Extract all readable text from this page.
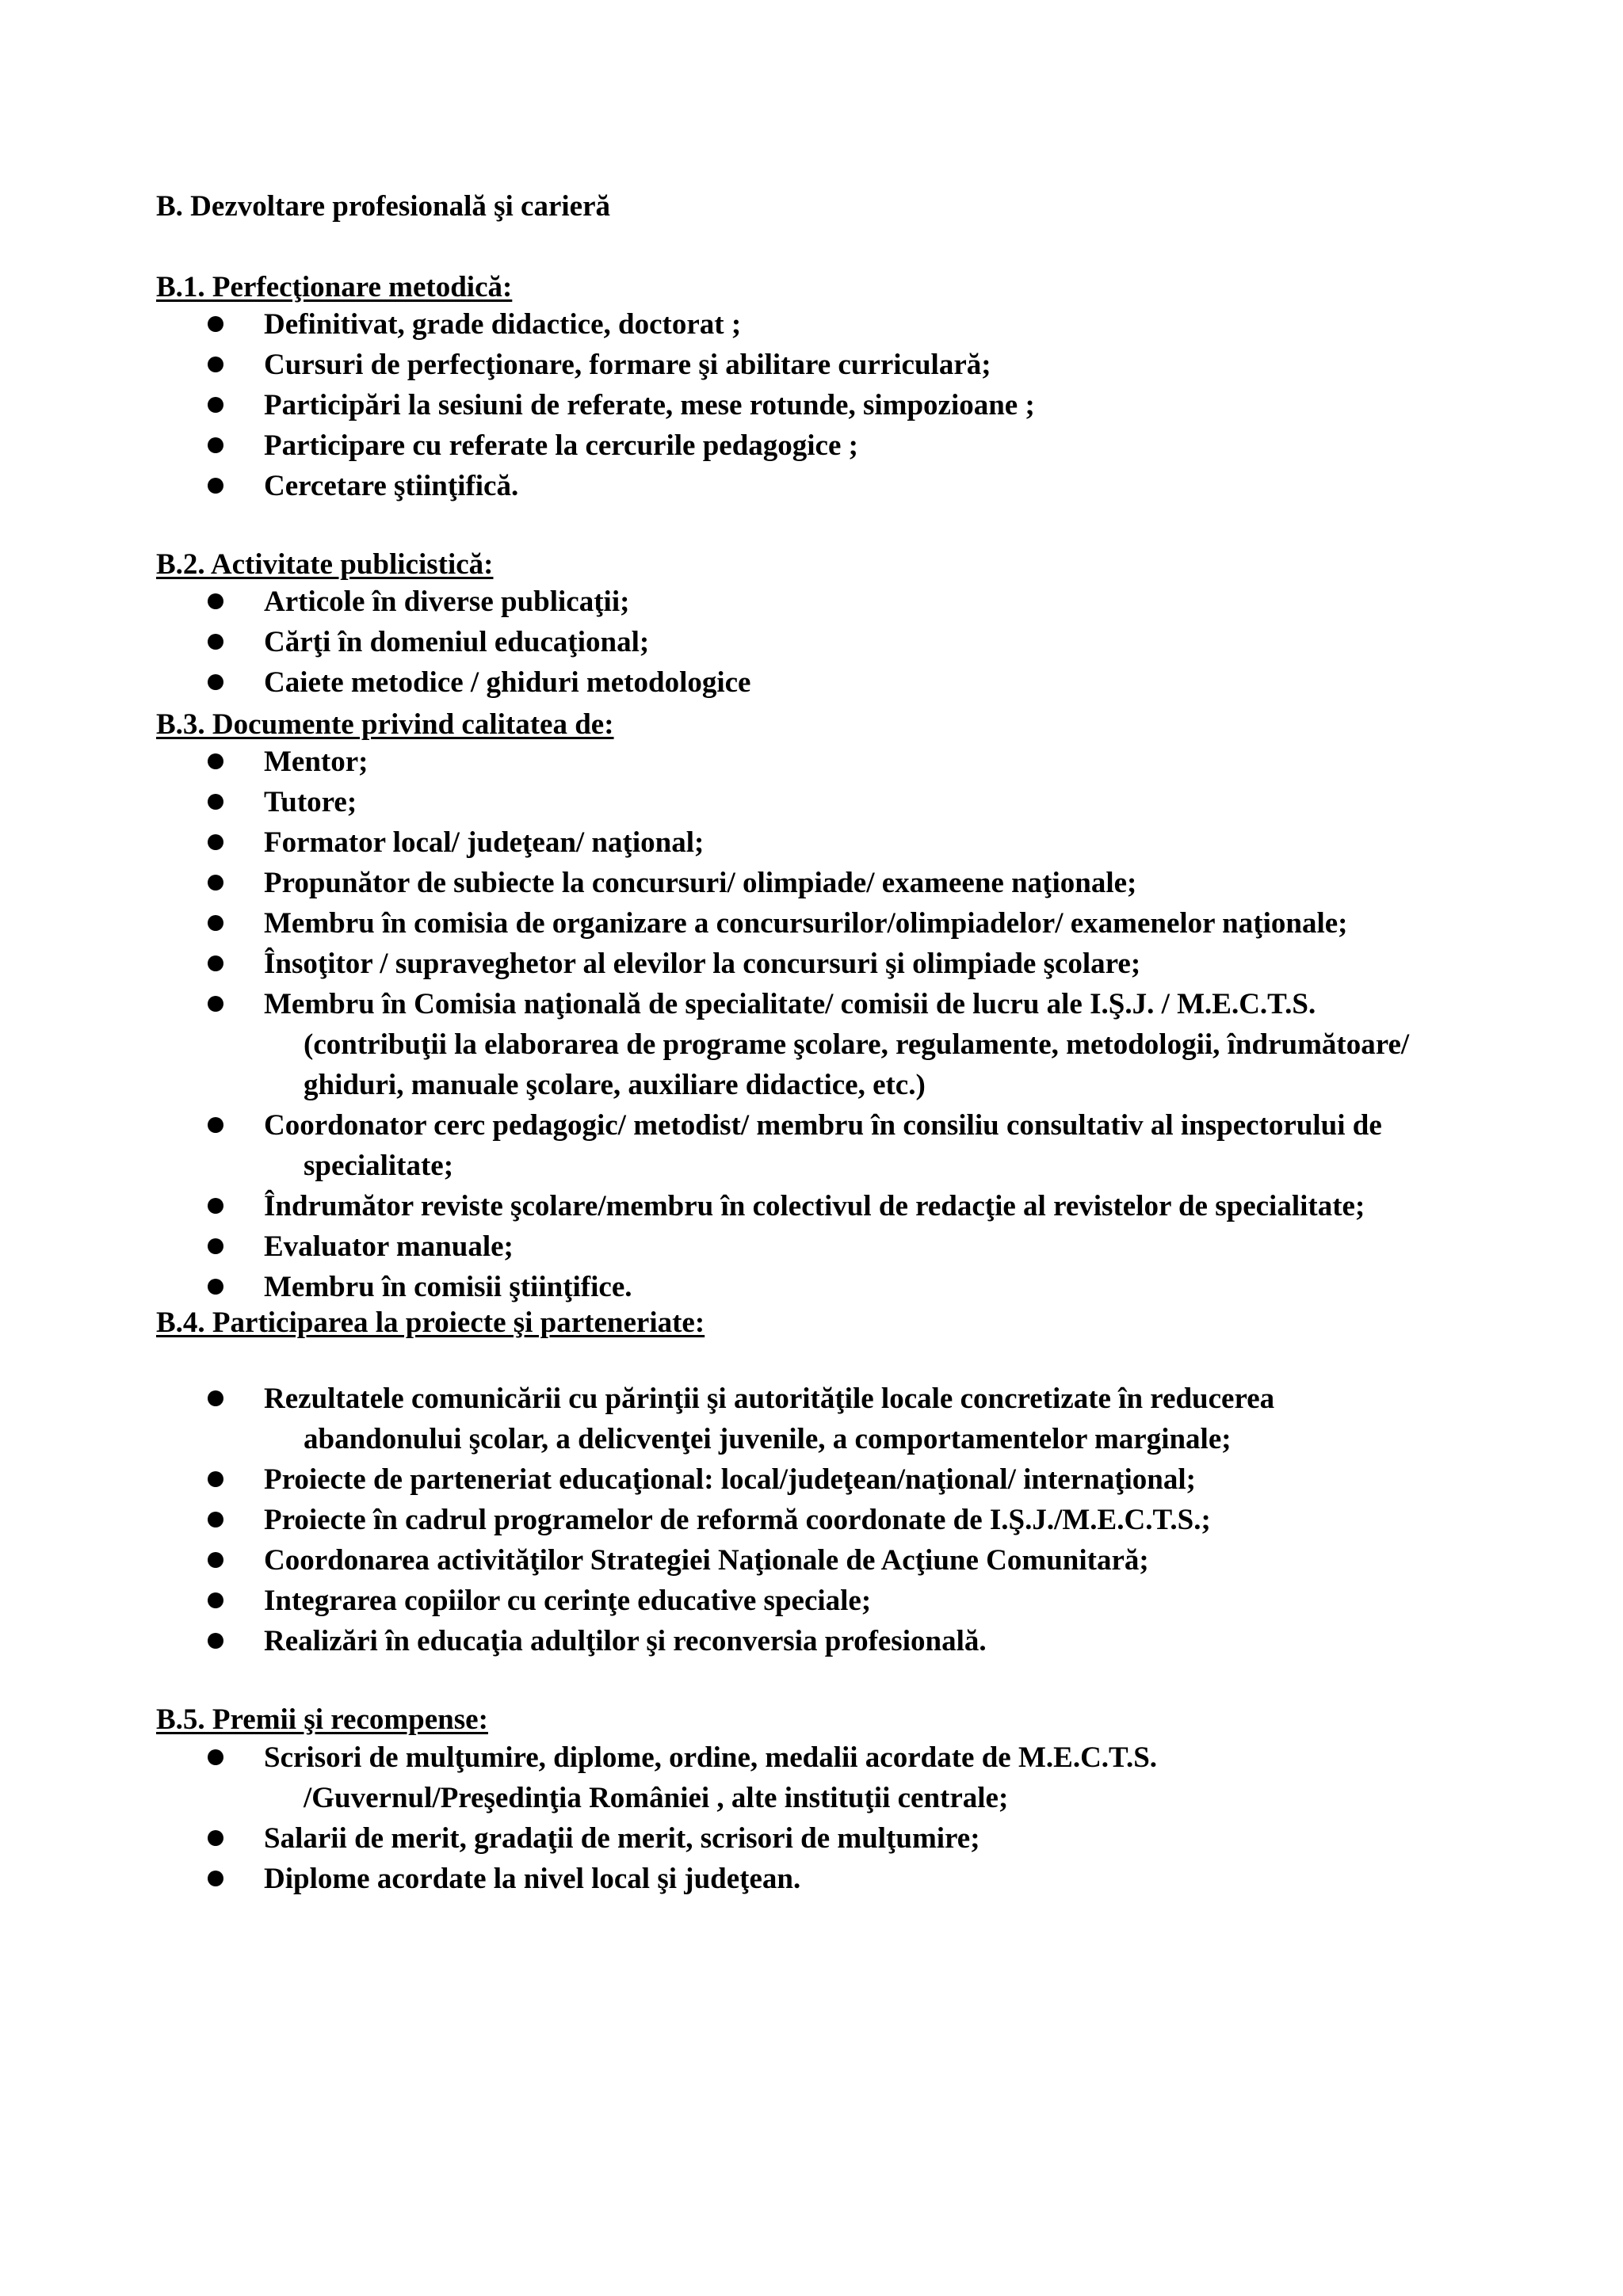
B. Dezvoltare profesională şi carieră
B.1. Perfecţionare metodică:
Definitivat, grade didactice, doctorat ;
Cursuri de perfecţionare, formare şi abilitare curriculară;
Participări la sesiuni de referate, mese rotunde, simpozioane ;
Participare cu referate la cercurile pedagogice ;
Cercetare ştiinţifică.
B.2. Activitate publicistică:
Articole în diverse publicaţii;
Cărţi în domeniul educaţional;
Caiete metodice / ghiduri metodologice
B.3. Documente privind calitatea de:
Mentor;
Tutore;
Formator local/ judeţean/ naţional;
Propunător de subiecte la concursuri/ olimpiade/ exameene naţionale;
Membru în comisia de organizare a concursurilor/olimpiadelor/ examenelor naţionale;
Însoţitor / supraveghetor al elevilor la concursuri şi olimpiade şcolare;
Membru în Comisia naţională de specialitate/ comisii de lucru ale I.Ş.J. / M.E.C.T.S.
(contribuţii la elaborarea de programe şcolare, regulamente, metodologii, îndrumătoare/
ghiduri, manuale şcolare, auxiliare didactice, etc.)
Coordonator cerc pedagogic/ metodist/ membru în consiliu consultativ al inspectorului de
specialitate;
Îndrumător reviste şcolare/membru în colectivul de redacţie al revistelor de specialitate;
Evaluator manuale;
Membru în comisii ştiinţifice.
B.4. Participarea la proiecte şi parteneriate:
Rezultatele comunicării cu părinţii şi autorităţile locale concretizate în reducerea
abandonului şcolar, a delicvenţei juvenile, a comportamentelor marginale;
Proiecte de parteneriat educaţional: local/judeţean/naţional/ internaţional;
Proiecte în cadrul programelor de reformă coordonate de I.Ş.J./M.E.C.T.S.;
Coordonarea activităţilor Strategiei Naţionale de Acţiune Comunitară;
Integrarea copiilor cu cerinţe educative speciale;
Realizări în educaţia adulţilor şi reconversia profesională.
B.5. Premii şi recompense:
Scrisori de mulţumire, diplome, ordine, medalii acordate de M.E.C.T.S.
/Guvernul/Preşedinţia României , alte instituţii centrale;
Salarii de merit, gradaţii de merit, scrisori de mulţumire;
Diplome acordate la nivel local şi judeţean.
